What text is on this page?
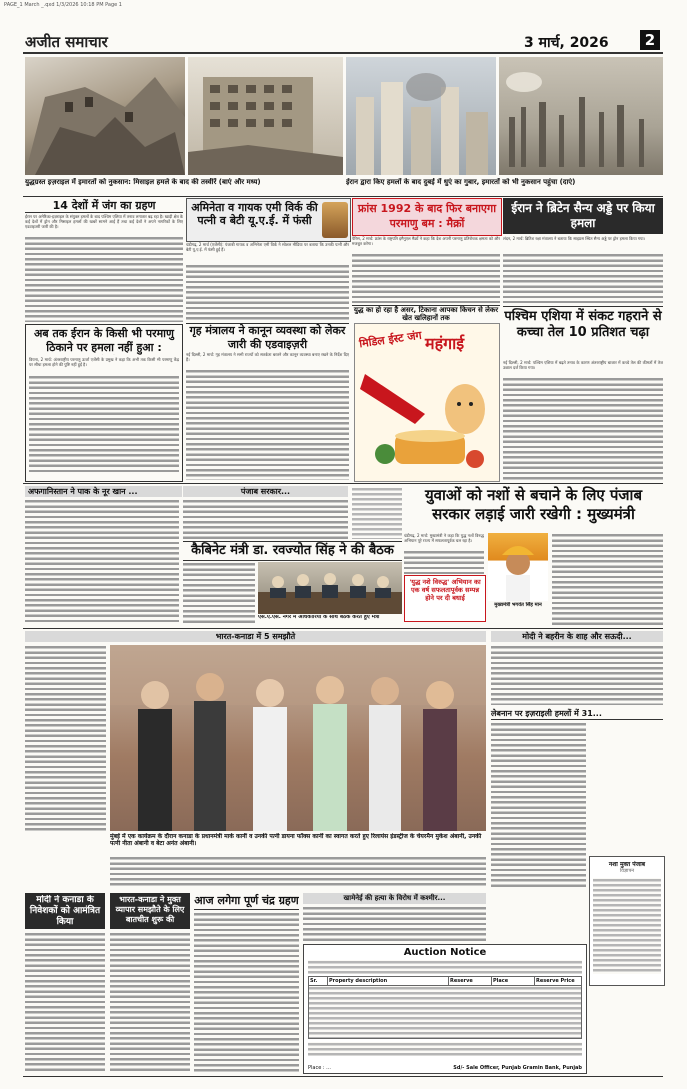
PAGE_1 March _.qxd 1/3/2026 10:18 PM Page 1
अजीत समाचार	3 मार्च, 2026	2
युद्धग्रस्त इज़राइल में इमारतों को नुकसान: मिसाइल हमले के बाद की तस्वीरें (बाएं और मध्य)	ईरान द्वारा किए हमलों के बाद दुबई में धुएं का गुबार, इमारतों को भी नुकसान पहुंचा (दाएं)
14 देशों में जंग का ग्रहण
ईरान पर अमेरिका-इज़राइल के संयुक्त हमलों के बाद पश्चिम एशिया में तनाव लगातार बढ़ रहा है। खाड़ी क्षेत्र के कई देशों में ड्रोन और मिसाइल हमलों की खबरें सामने आई हैं तथा कई देशों ने अपने नागरिकों के लिए एडवाइजरी जारी की है।
अब तक ईरान के किसी भी परमाणु ठिकाने पर हमला नहीं हुआ :
वियना, 2 मार्च: अंतरराष्ट्रीय परमाणु ऊर्जा एजेंसी के प्रमुख ने कहा कि अभी तक किसी भी परमाणु केंद्र पर सीधा हमला होने की पुष्टि नहीं हुई है।
अमिनेता व गायक एमी विर्क की पत्नी व बेटी यू.ए.ई. में फंसी
चंडीगढ़, 2 मार्च (एजेंसी): पंजाबी गायक व अभिनेता एमी विर्क ने सोशल मीडिया पर बताया कि उनकी पत्नी और बेटी यू.ए.ई. में फंसी हुई हैं।
गृह मंत्रालय ने कानून व्यवस्था को लेकर जारी की एडवाइज़री
नई दिल्ली, 2 मार्च: गृह मंत्रालय ने सभी राज्यों को सतर्कता बरतने और कानून व्यवस्था बनाए रखने के निर्देश दिए हैं।
फ्रांस 1992 के बाद फिर बनाएगा परमाणु बम : मैक्रों
पेरिस, 2 मार्च: फ्रांस के राष्ट्रपति इमैनुएल मैक्रों ने कहा कि देश अपनी परमाणु प्रतिरोधक क्षमता को और मजबूत करेगा।
युद्ध का हो रहा है असर, टिकाना आपका किचन से लेकर खेत खलिहानों तक
मिडिल ईस्ट जंग महंगाई
ईरान ने ब्रिटेन सैन्य अड्डे पर किया हमला
लंदन, 2 मार्च: ब्रिटिश रक्षा मंत्रालय ने बताया कि साइप्रस स्थित सैन्य अड्डे पर ड्रोन हमला किया गया।
पश्चिम एशिया में संकट गहराने से कच्चा तेल 10 प्रतिशत चढ़ा
नई दिल्ली, 2 मार्च: पश्चिम एशिया में बढ़ते तनाव के कारण अंतरराष्ट्रीय बाजार में कच्चे तेल की कीमतों में तेज उछाल दर्ज किया गया।
अफगानिस्तान ने पाक के नूर खान ...	पंजाब सरकार...	युवाओं को नशों से बचाने के लिए पंजाब सरकार लड़ाई जारी रखेगी : मुख्यमंत्री
कैबिनेट मंत्री डा. रवज्योत सिंह ने की बैठक
एस.ए.एस. नगर में अधिकारियों के साथ बैठक करते हुए मंत्री
चंडीगढ़, 2 मार्च: मुख्यमंत्री ने कहा कि युद्ध नशों विरुद्ध अभियान पूरे राज्य में सफलतापूर्वक चल रहा है।
'युद्ध नशे विरुद्ध' अभियान का एक वर्ष सफलतापूर्वक सम्पन्न होने पर दी बधाई
मुख्यमंत्री भगवंत सिंह मान
भारत-कनाडा में 5 समझौते
मुंबई में एक कार्यक्रम के दौरान कनाडा के प्रधानमंत्री मार्क कार्नी व उनकी पत्नी डायना फॉक्स कार्नी का स्वागत करते हुए रिलायंस इंडस्ट्रीज के चेयरमैन मुकेश अंबानी, उनकी पत्नी नीता अंबानी व बेटा अनंत अंबानी।
मोदी ने बहरीन के शाह और सऊदी...
लेबनान पर इज़राइली हमलों में 31...
नशा मुक्त पंजाब
विज्ञापन
मोदी ने कनाडा के निवेशकों को आमंत्रित किया
भारत-कनाडा ने मुक्त व्यापार समझौते के लिए बातचीत शुरू की
आज लगेगा पूर्ण चंद्र ग्रहण	खामेनेई की हत्या के विरोध में कश्मीर...
Auction Notice
Sr.	Property description	Reserve	Place	Reserve Price
Place : ...	Sd/- Sale Officer, Punjab Gramin Bank, Punjab
